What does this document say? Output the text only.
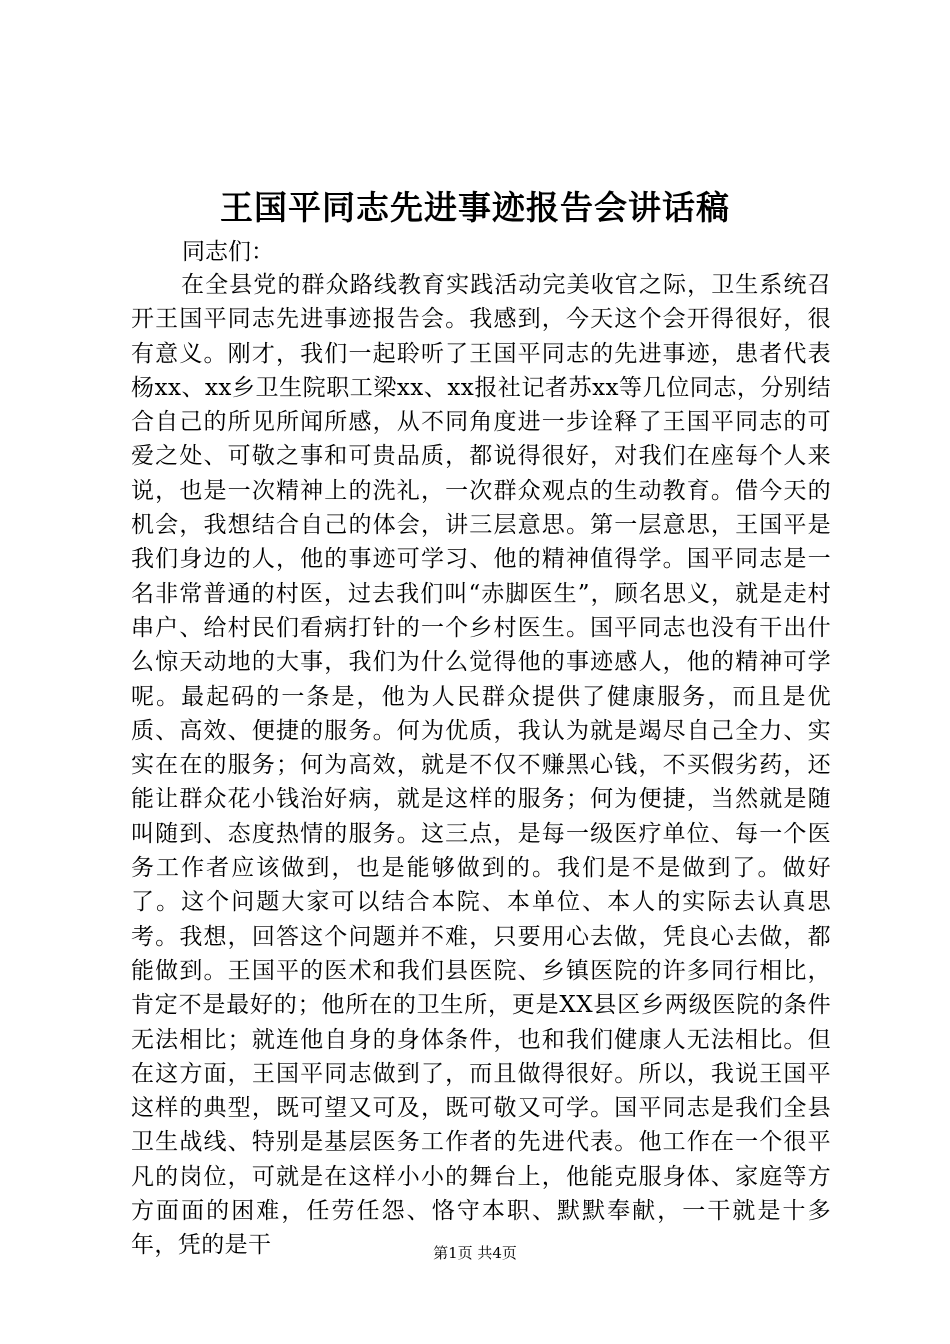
王国平同志先进事迹报告会讲话稿

同志们：

在全县党的群众路线教育实践活动完美收官之际，卫生系统召开王国平同志先进事迹报告会。我感到，今天这个会开得很好，很有意义。刚才，我们一起聆听了王国平同志的先进事迹，患者代表杨xx、xx乡卫生院职工梁xx、xx报社记者苏xx等几位同志，分别结合自己的所见所闻所感，从不同角度进一步诠释了王国平同志的可爱之处、可敬之事和可贵品质，都说得很好，对我们在座每个人来说，也是一次精神上的洗礼，一次群众观点的生动教育。借今天的机会，我想结合自己的体会，讲三层意思。第一层意思，王国平是我们身边的人，他的事迹可学习、他的精神值得学。国平同志是一名非常普通的村医，过去我们叫“赤脚医生”，顾名思义，就是走村串户、给村民们看病打针的一个乡村医生。国平同志也没有干出什么惊天动地的大事，我们为什么觉得他的事迹感人，他的精神可学呢。最起码的一条是，他为人民群众提供了健康服务，而且是优质、高效、便捷的服务。何为优质，我认为就是竭尽自己全力、实实在在的服务；何为高效，就是不仅不赚黑心钱，不买假劣药，还能让群众花小钱治好病，就是这样的服务；何为便捷，当然就是随叫随到、态度热情的服务。这三点，是每一级医疗单位、每一个医务工作者应该做到，也是能够做到的。我们是不是做到了。做好了。这个问题大家可以结合本院、本单位、本人的实际去认真思考。我想，回答这个问题并不难，只要用心去做，凭良心去做，都能做到。王国平的医术和我们县医院、乡镇医院的许多同行相比，肯定不是最好的；他所在的卫生所，更是XX县区乡两级医院的条件无法相比；就连他自身的身体条件，也和我们健康人无法相比。但在这方面，王国平同志做到了，而且做得很好。所以，我说王国平这样的典型，既可望又可及，既可敬又可学。国平同志是我们全县卫生战线、特别是基层医务工作者的先进代表。他工作在一个很平凡的岗位，可就是在这样小小的舞台上，他能克服身体、家庭等方方面面的困难，任劳任怨、恪守本职、默默奉献，一干就是十多年，凭的是干	第1页 共4页
